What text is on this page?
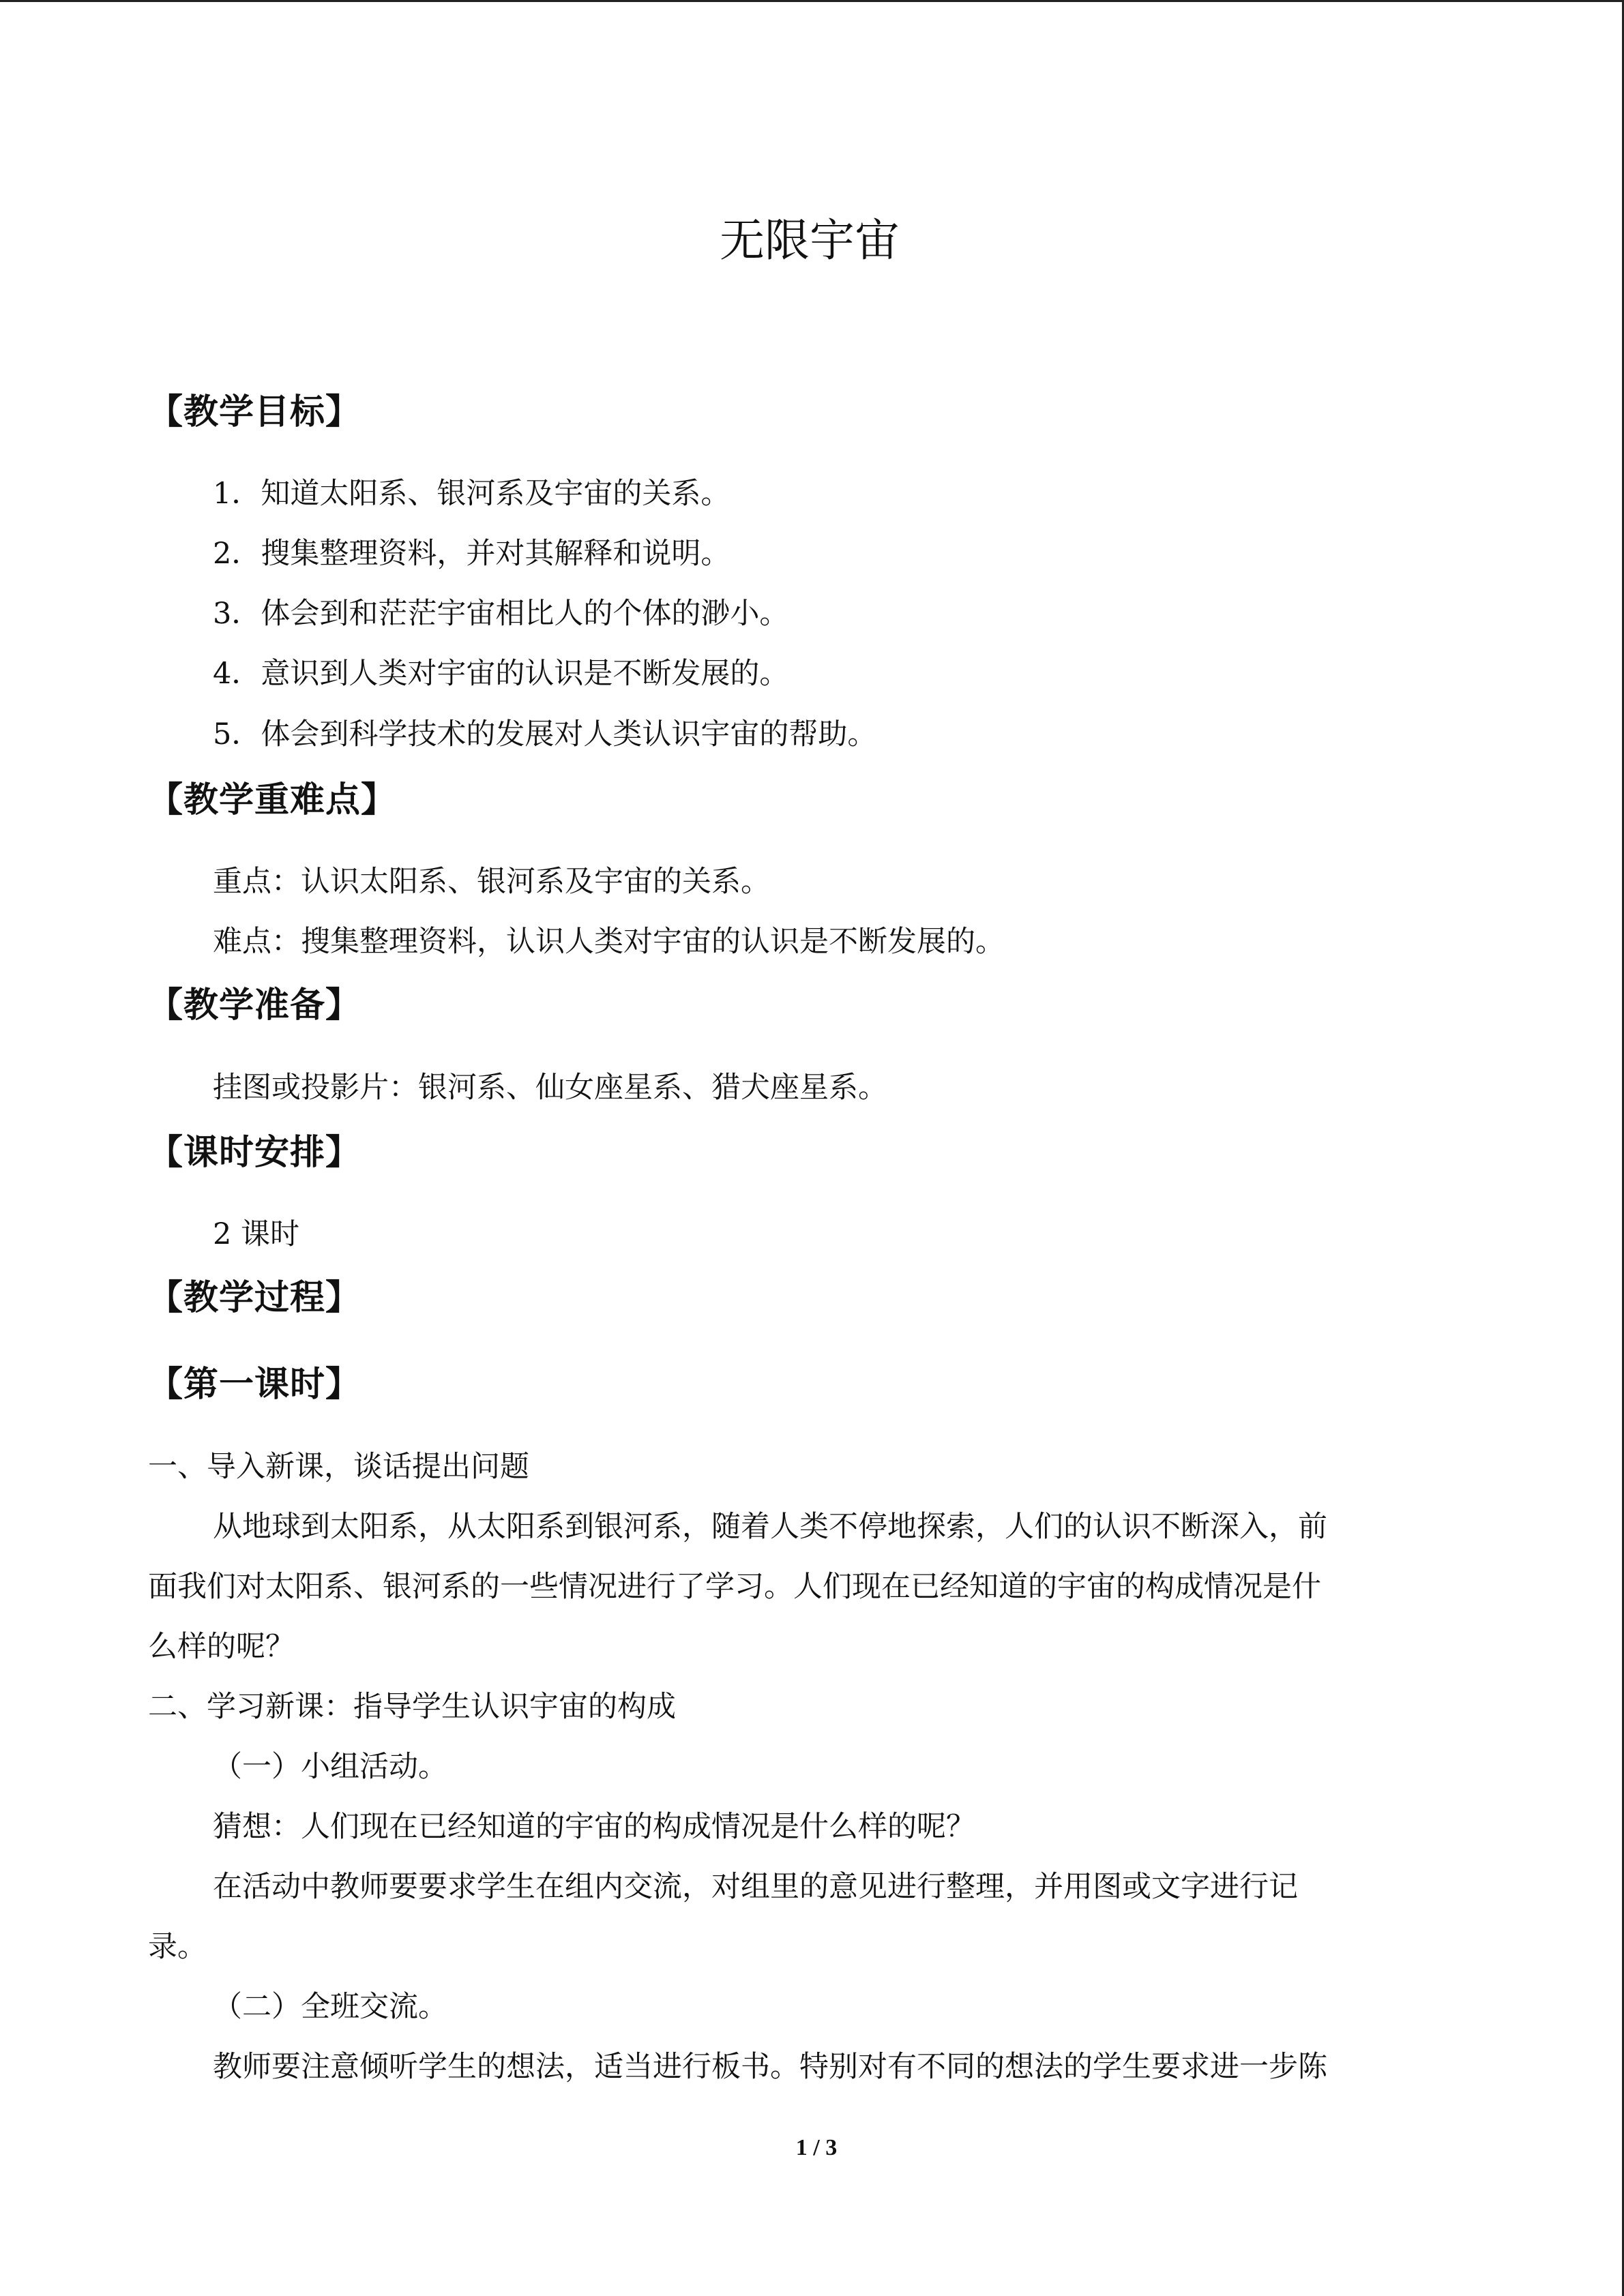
无限宇宙
【教学目标】
1．知道太阳系、银河系及宇宙的关系。
2．搜集整理资料，并对其解释和说明。
3．体会到和茫茫宇宙相比人的个体的渺小。
4．意识到人类对宇宙的认识是不断发展的。
5．体会到科学技术的发展对人类认识宇宙的帮助。
【教学重难点】
重点：认识太阳系、银河系及宇宙的关系。
难点：搜集整理资料，认识人类对宇宙的认识是不断发展的。
【教学准备】
挂图或投影片：银河系、仙女座星系、猎犬座星系。
【课时安排】
2 课时
【教学过程】
【第一课时】
一、导入新课，谈话提出问题
从地球到太阳系，从太阳系到银河系，随着人类不停地探索，人们的认识不断深入，前
面我们对太阳系、银河系的一些情况进行了学习。人们现在已经知道的宇宙的构成情况是什
么样的呢？
二、学习新课：指导学生认识宇宙的构成
（一）小组活动。
猜想：人们现在已经知道的宇宙的构成情况是什么样的呢？
在活动中教师要要求学生在组内交流，对组里的意见进行整理，并用图或文字进行记
录。
（二）全班交流。
教师要注意倾听学生的想法，适当进行板书。特别对有不同的想法的学生要求进一步陈
1 / 3
